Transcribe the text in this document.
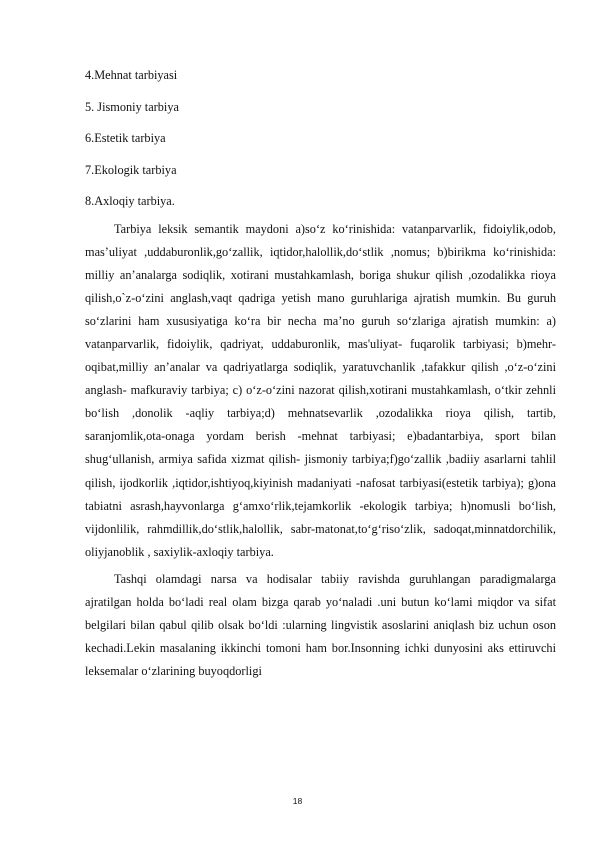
4.Mehnat tarbiyasi

5. Jismoniy tarbiya

6.Estetik tarbiya

7.Ekologik tarbiya

8.Axloqiy tarbiya.

Tarbiya leksik semantik maydoni a)so‘z ko‘rinishida: vatanparvarlik, fidoiylik,odob, mas’uliyat ,uddaburonlik,go‘zallik, iqtidor,halollik,do‘stlik ,nomus; b)birikma ko‘rinishida: milliy an’analarga sodiqlik, xotirani mustahkamlash, boriga shukur qilish ,ozodalikka rioya qilish,o`z-o‘zini anglash,vaqt qadriga yetish mano guruhlariga ajratish mumkin. Bu guruh so‘zlarini ham xususiyatiga ko‘ra bir necha ma’no guruh so‘zlariga ajratish mumkin: a) vatanparvarlik, fidoiylik, qadriyat, uddaburonlik, mas'uliyat- fuqarolik tarbiyasi; b)mehr-oqibat,milliy an’analar va qadriyatlarga sodiqlik, yaratuvchanlik ,tafakkur qilish ,o‘z-o‘zini anglash- mafkuraviy tarbiya; c) o‘z-o‘zini nazorat qilish,xotirani mustahkamlash, o‘tkir zehnli bo‘lish ,donolik -aqliy tarbiya;d) mehnatsevarlik ,ozodalikka rioya qilish, tartib, saranjomlik,ota-onaga yordam berish -mehnat tarbiyasi; e)badantarbiya, sport bilan shug‘ullanish, armiya safida xizmat qilish- jismoniy tarbiya;f)go‘zallik ,badiiy asarlarni tahlil qilish, ijodkorlik ,iqtidor,ishtiyoq,kiyinish madaniyati -nafosat tarbiyasi(estetik tarbiya); g)ona tabiatni asrash,hayvonlarga g‘amxo‘rlik,tejamkorlik -ekologik tarbiya; h)nomusli bo‘lish, vijdonlilik, rahmdillik,do‘stlik,halollik, sabr-matonat,to‘g‘riso‘zlik, sadoqat,minnatdorchilik, oliyjanoblik , saxiylik-axloqiy tarbiya.

Tashqi olamdagi narsa va hodisalar tabiiy ravishda guruhlangan paradigmalarga ajratilgan holda bo‘ladi real olam bizga qarab yo‘naladi .uni butun ko‘lami miqdor va sifat belgilari bilan qabul qilib olsak bo‘ldi :ularning lingvistik asoslarini aniqlash biz uchun oson kechadi.Lekin masalaning ikkinchi tomoni ham bor.Insonning ichki dunyosini aks ettiruvchi leksemalar o‘zlarining buyoqdorligi

18
